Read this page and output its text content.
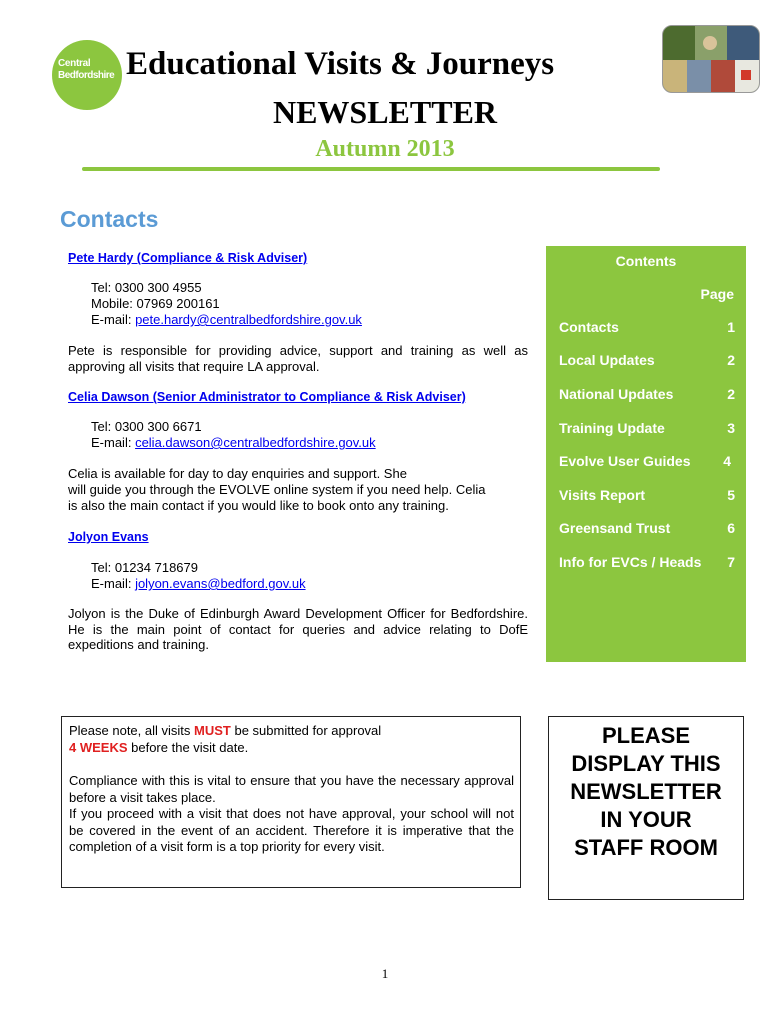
Central
Bedfordshire Educational Visits & Journeys
NEWSLETTER
Autumn 2013
Contacts
Pete Hardy (Compliance & Risk Adviser)
Tel: 0300 300 4955
Mobile: 07969 200161
E-mail: pete.hardy@centralbedfordshire.gov.uk
Pete is responsible for providing advice, support and training as well as approving all visits that require LA approval.
Celia Dawson (Senior Administrator to Compliance & Risk Adviser)
Tel: 0300 300 6671
E-mail: celia.dawson@centralbedfordshire.gov.uk
Celia is available for day to day enquiries and support. She
will guide you through the EVOLVE online system if you need help. Celia
is also the main contact if you would like to book onto any training.
Jolyon Evans
Tel: 01234 718679
E-mail: jolyon.evans@bedford.gov.uk
Jolyon is the Duke of Edinburgh Award Development Officer for Bedfordshire. He is the main point of contact for queries and advice relating to DofE expeditions and training.
Contents
Page
Contacts	1
Local Updates	2
National Updates	2
Training Update	3
Evolve User Guides 4
Visits Report	5
Greensand Trust	6
Info for EVCs / Heads 7
Please note, all visits MUST be submitted for approval
4 WEEKS before the visit date.
Compliance with this is vital to ensure that you have the necessary approval before a visit takes place.
If you proceed with a visit that does not have approval, your school will not be covered in the event of an accident. Therefore it is imperative that the completion of a visit form is a top priority for every visit.
PLEASE
DISPLAY THIS
NEWSLETTER
IN YOUR
STAFF ROOM
1
